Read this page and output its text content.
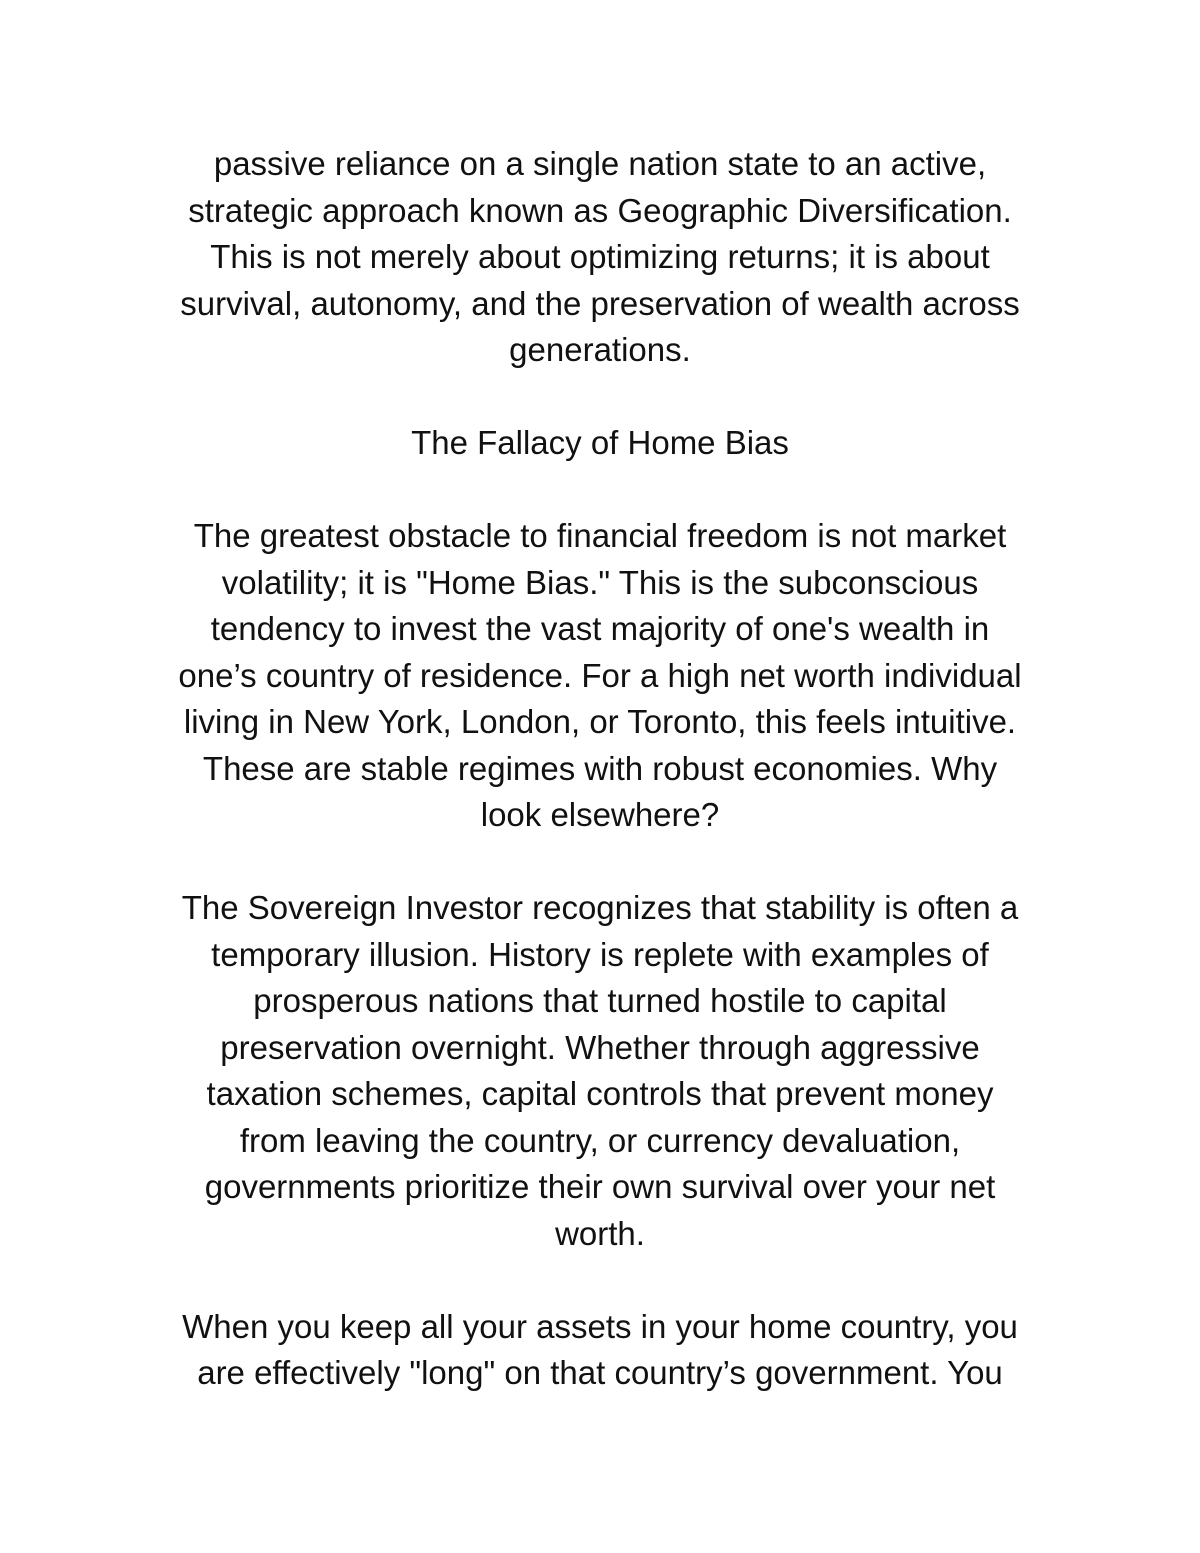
passive reliance on a single nation state to an active,
strategic approach known as Geographic Diversification.
This is not merely about optimizing returns; it is about
survival, autonomy, and the preservation of wealth across
generations.

The Fallacy of Home Bias

The greatest obstacle to financial freedom is not market
volatility; it is "Home Bias." This is the subconscious
tendency to invest the vast majority of one's wealth in
one’s country of residence. For a high net worth individual
living in New York, London, or Toronto, this feels intuitive.
These are stable regimes with robust economies. Why
look elsewhere?

The Sovereign Investor recognizes that stability is often a
temporary illusion. History is replete with examples of
prosperous nations that turned hostile to capital
preservation overnight. Whether through aggressive
taxation schemes, capital controls that prevent money
from leaving the country, or currency devaluation,
governments prioritize their own survival over your net
worth.

When you keep all your assets in your home country, you
are effectively "long" on that country’s government. You
